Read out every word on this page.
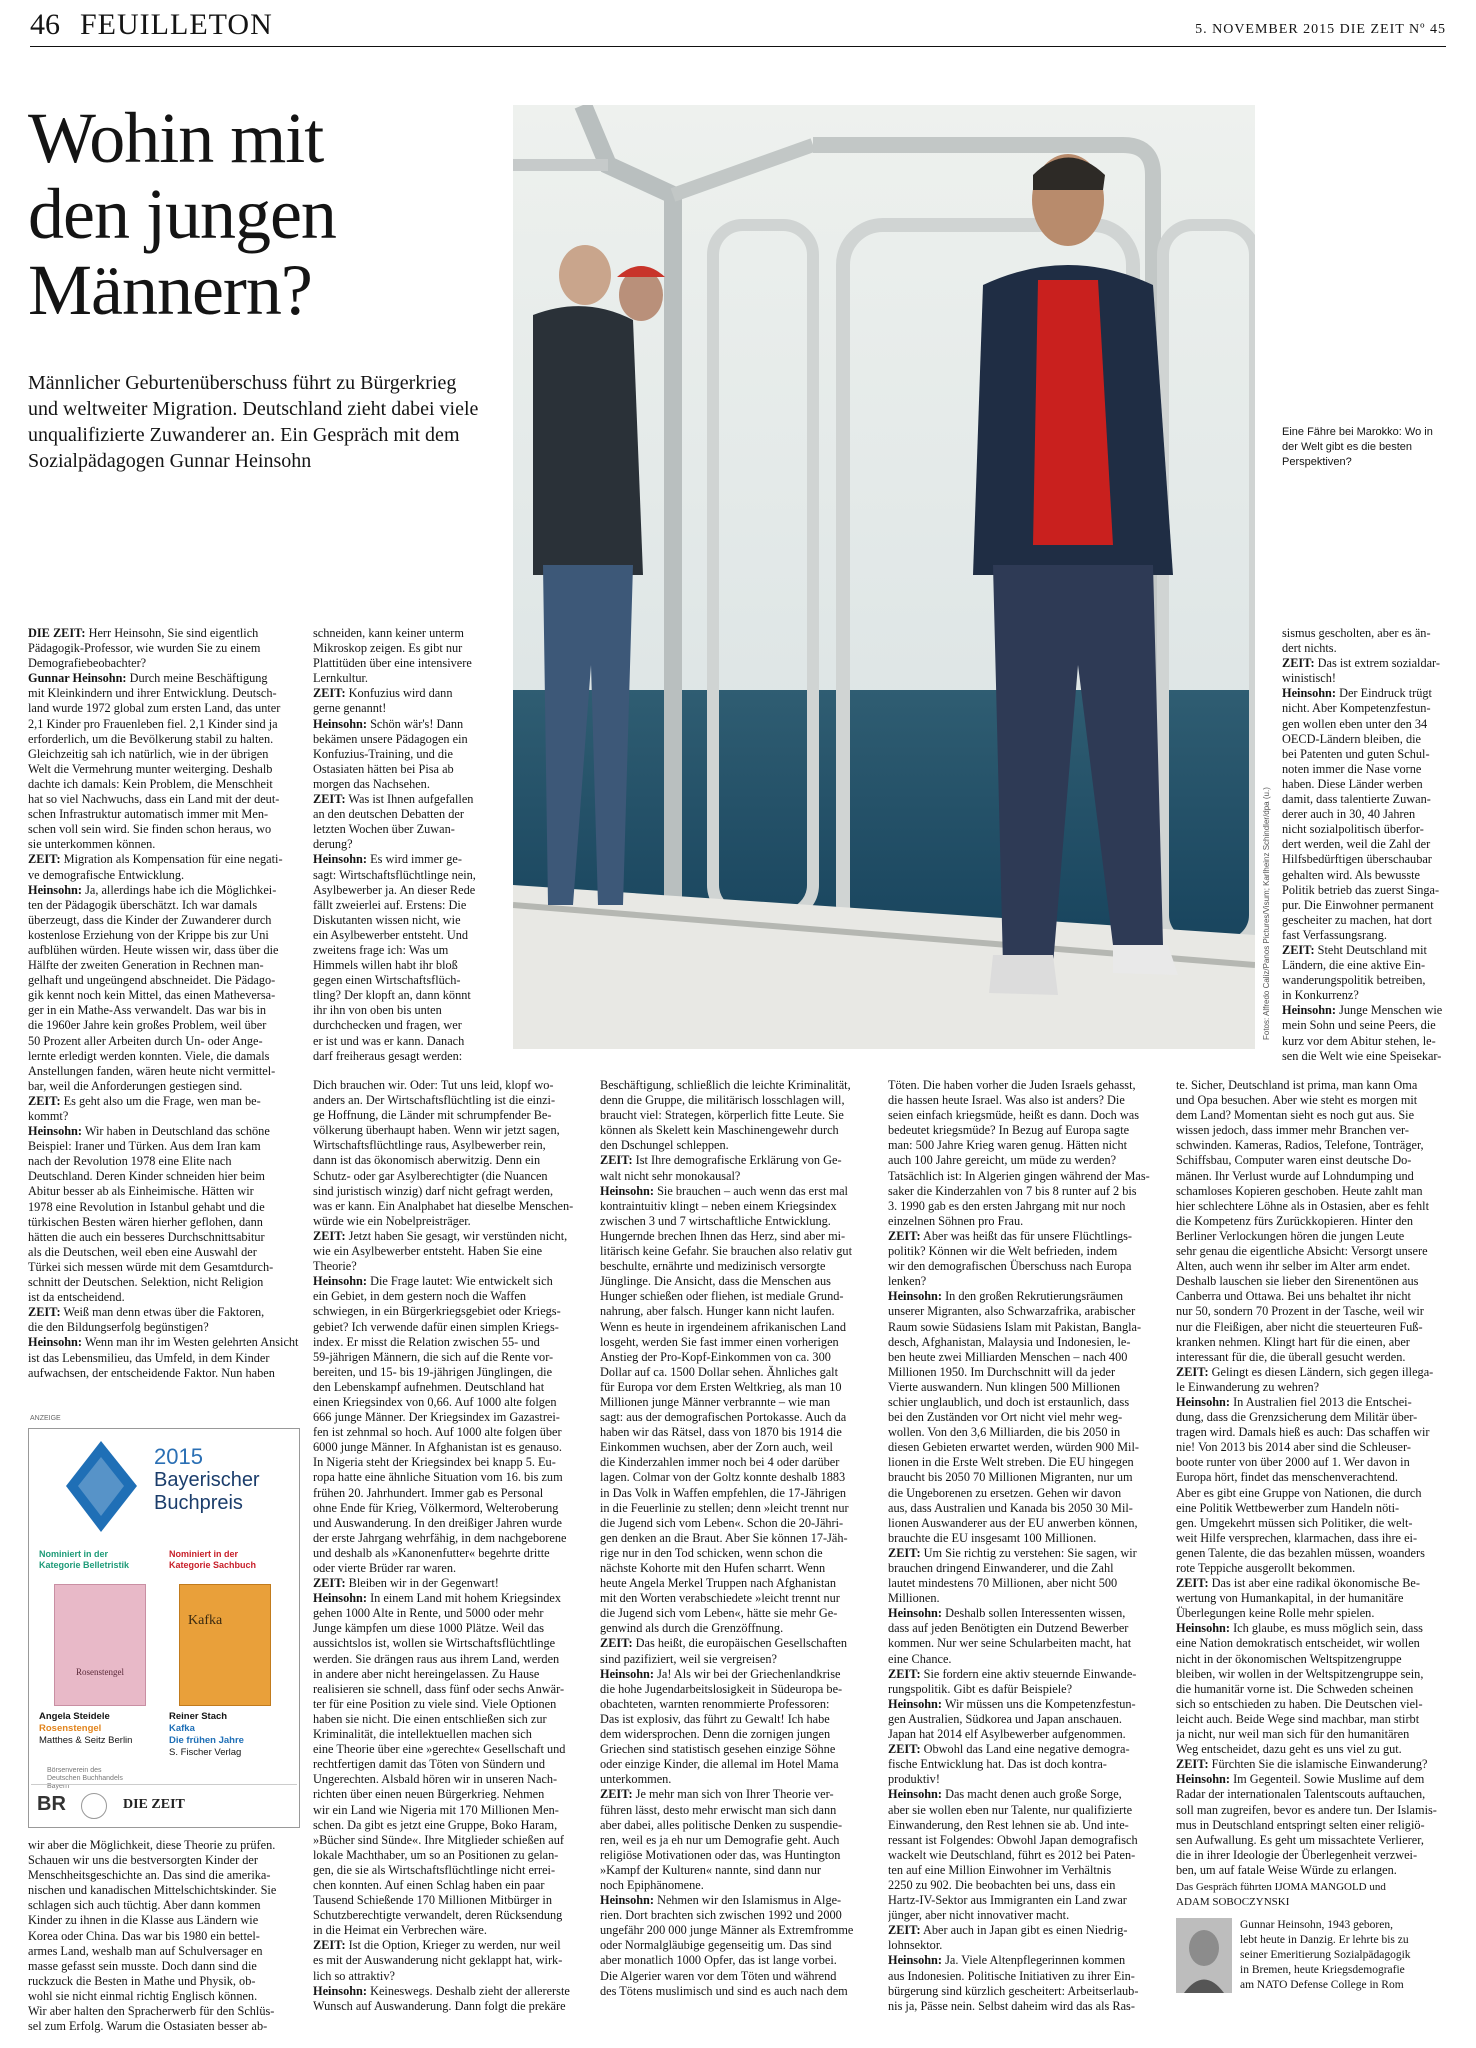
46 FEUILLETON	5. NOVEMBER 2015 DIE ZEIT Nº 45
Wohin mit
den jungen
Männern?
Männlicher Geburtenüberschuss führt zu Bürgerkrieg
und weltweiter Migration. Deutschland zieht dabei viele
unqualifizierte Zuwanderer an. Ein Gespräch mit dem
Sozialpädagogen Gunnar Heinsohn
Eine Fähre bei Marokko: Wo in
der Welt gibt es die besten
Perspektiven?
Fotos: Alfredo Caliz/Panos Pictures/Visum; Karlheinz Schindler/dpa (u.)
DIE ZEIT: Herr Heinsohn, Sie sind eigentlich
Pädagogik-Professor, wie wurden Sie zu einem
Demografiebeobachter?
Gunnar Heinsohn: Durch meine Beschäftigung
mit Kleinkindern und ihrer Entwicklung. Deutsch-
land wurde 1972 global zum ersten Land, das unter
2,1 Kinder pro Frauenleben fiel. 2,1 Kinder sind ja
erforderlich, um die Bevölkerung stabil zu halten.
Gleichzeitig sah ich natürlich, wie in der übrigen
Welt die Vermehrung munter weiterging. Deshalb
dachte ich damals: Kein Problem, die Menschheit
hat so viel Nachwuchs, dass ein Land mit der deut-
schen Infrastruktur automatisch immer mit Men-
schen voll sein wird. Sie finden schon heraus, wo
sie unterkommen können.
ZEIT: Migration als Kompensation für eine negati-
ve demografische Entwicklung.
Heinsohn: Ja, allerdings habe ich die Möglichkei-
ten der Pädagogik überschätzt. Ich war damals
überzeugt, dass die Kinder der Zuwanderer durch
kostenlose Erziehung von der Krippe bis zur Uni
aufblühen würden. Heute wissen wir, dass über die
Hälfte der zweiten Generation in Rechnen man-
gelhaft und ungeüngend abschneidet. Die Pädago-
gik kennt noch kein Mittel, das einen Matheversa-
ger in ein Mathe-Ass verwandelt. Das war bis in
die 1960er Jahre kein großes Problem, weil über
50 Prozent aller Arbeiten durch Un- oder Ange-
lernte erledigt werden konnten. Viele, die damals
Anstellungen fanden, wären heute nicht vermittel-
bar, weil die Anforderungen gestiegen sind.
ZEIT: Es geht also um die Frage, wen man be-
kommt?
Heinsohn: Wir haben in Deutschland das schöne
Beispiel: Iraner und Türken. Aus dem Iran kam
nach der Revolution 1978 eine Elite nach
Deutschland. Deren Kinder schneiden hier beim
Abitur besser ab als Einheimische. Hätten wir
1978 eine Revolution in Istanbul gehabt und die
türkischen Besten wären hierher geflohen, dann
hätten die auch ein besseres Durchschnittsabitur
als die Deutschen, weil eben eine Auswahl der
Türkei sich messen würde mit dem Gesamtdurch-
schnitt der Deutschen. Selektion, nicht Religion
ist da entscheidend.
ZEIT: Weiß man denn etwas über die Faktoren,
die den Bildungserfolg begünstigen?
Heinsohn: Wenn man ihr im Westen gelehrten Ansicht
ist das Lebensmilieu, das Umfeld, in dem Kinder
aufwachsen, der entscheidende Faktor. Nun haben
schneiden, kann keiner unterm
Mikroskop zeigen. Es gibt nur
Plattitüden über eine intensivere
Lernkultur.
ZEIT: Konfuzius wird dann
gerne genannt!
Heinsohn: Schön wär's! Dann
bekämen unsere Pädagogen ein
Konfuzius-Training, und die
Ostasiaten hätten bei Pisa ab
morgen das Nachsehen.
ZEIT: Was ist Ihnen aufgefallen
an den deutschen Debatten der
letzten Wochen über Zuwan-
derung?
Heinsohn: Es wird immer ge-
sagt: Wirtschaftsflüchtlinge nein,
Asylbewerber ja. An dieser Rede
fällt zweierlei auf. Erstens: Die
Diskutanten wissen nicht, wie
ein Asylbewerber entsteht. Und
zweitens frage ich: Was um
Himmels willen habt ihr bloß
gegen einen Wirtschaftsflüch-
tling? Der klopft an, dann könnt
ihr ihn von oben bis unten
durchchecken und fragen, wer
er ist und was er kann. Danach
darf freiheraus gesagt werden:
Dich brauchen wir. Oder: Tut uns leid, klopf wo-
anders an. Der Wirtschaftsflüchtling ist die einzi-
ge Hoffnung, die Länder mit schrumpfender Be-
völkerung überhaupt haben. Wenn wir jetzt sagen,
Wirtschaftsflüchtlinge raus, Asylbewerber rein,
dann ist das ökonomisch aberwitzig. Denn ein
Schutz- oder gar Asylberechtigter (die Nuancen
sind juristisch winzig) darf nicht gefragt werden,
was er kann. Ein Analphabet hat dieselbe Menschen-
würde wie ein Nobelpreisträger.
ZEIT: Jetzt haben Sie gesagt, wir verstünden nicht,
wie ein Asylbewerber entsteht. Haben Sie eine
Theorie?
Heinsohn: Die Frage lautet: Wie entwickelt sich
ein Gebiet, in dem gestern noch die Waffen
schwiegen, in ein Bürgerkriegsgebiet oder Kriegs-
gebiet? Ich verwende dafür einen simplen Kriegs-
index. Er misst die Relation zwischen 55- und
59-jährigen Männern, die sich auf die Rente vor-
bereiten, und 15- bis 19-jährigen Jünglingen, die
den Lebenskampf aufnehmen. Deutschland hat
einen Kriegsindex von 0,66. Auf 1000 alte folgen
666 junge Männer. Der Kriegsindex im Gazastrei-
fen ist zehnmal so hoch. Auf 1000 alte folgen über
6000 junge Männer. In Afghanistan ist es genauso.
In Nigeria steht der Kriegsindex bei knapp 5. Eu-
ropa hatte eine ähnliche Situation vom 16. bis zum
frühen 20. Jahrhundert. Immer gab es Personal
ohne Ende für Krieg, Völkermord, Welteroberung
und Auswanderung. In den dreißiger Jahren wurde
der erste Jahrgang wehrfähig, in dem nachgeborene
und deshalb als »Kanonenfutter« begehrte dritte
oder vierte Brüder rar waren.
ZEIT: Bleiben wir in der Gegenwart!
Heinsohn: In einem Land mit hohem Kriegsindex
gehen 1000 Alte in Rente, und 5000 oder mehr
Junge kämpfen um diese 1000 Plätze. Weil das
aussichtslos ist, wollen sie Wirtschaftsflüchtlinge
werden. Sie drängen raus aus ihrem Land, werden
in andere aber nicht hereingelassen. Zu Hause
realisieren sie schnell, dass fünf oder sechs Anwär-
ter für eine Position zu viele sind. Viele Optionen
haben sie nicht. Die einen entschließen sich zur
Kriminalität, die intellektuellen machen sich
eine Theorie über eine »gerechte« Gesellschaft und
rechtfertigen damit das Töten von Sündern und
Ungerechten. Alsbald hören wir in unseren Nach-
richten über einen neuen Bürgerkrieg. Nehmen
wir ein Land wie Nigeria mit 170 Millionen Men-
schen. Da gibt es jetzt eine Gruppe, Boko Haram,
»Bücher sind Sünde«. Ihre Mitglieder schießen auf
lokale Machthaber, um so an Positionen zu gelan-
gen, die sie als Wirtschaftsflüchtlinge nicht errei-
chen konnten. Auf einen Schlag haben ein paar
Tausend Schießende 170 Millionen Mitbürger in
Schutzberechtigte verwandelt, deren Rücksendung
in die Heimat ein Verbrechen wäre.
ZEIT: Ist die Option, Krieger zu werden, nur weil
es mit der Auswanderung nicht geklappt hat, wirk-
lich so attraktiv?
Heinsohn: Keineswegs. Deshalb zieht der allererste
Wunsch auf Auswanderung. Dann folgt die prekäre
Beschäftigung, schließlich die leichte Kriminalität,
denn die Gruppe, die militärisch losschlagen will,
braucht viel: Strategen, körperlich fitte Leute. Sie
können als Skelett kein Maschinengewehr durch
den Dschungel schleppen.
ZEIT: Ist Ihre demografische Erklärung von Ge-
walt nicht sehr monokausal?
Heinsohn: Sie brauchen – auch wenn das erst mal
kontraintuitiv klingt – neben einem Kriegsindex
zwischen 3 und 7 wirtschaftliche Entwicklung.
Hungernde brechen Ihnen das Herz, sind aber mi-
litärisch keine Gefahr. Sie brauchen also relativ gut
beschulte, ernährte und medizinisch versorgte
Jünglinge. Die Ansicht, dass die Menschen aus
Hunger schießen oder fliehen, ist mediale Grund-
nahrung, aber falsch. Hunger kann nicht laufen.
Wenn es heute in irgendeinem afrikanischen Land
losgeht, werden Sie fast immer einen vorherigen
Anstieg der Pro-Kopf-Einkommen von ca. 300
Dollar auf ca. 1500 Dollar sehen. Ähnliches galt
für Europa vor dem Ersten Weltkrieg, als man 10
Millionen junge Männer verbrannte – wie man
sagt: aus der demografischen Portokasse. Auch da
haben wir das Rätsel, dass von 1870 bis 1914 die
Einkommen wuchsen, aber der Zorn auch, weil
die Kinderzahlen immer noch bei 4 oder darüber
lagen. Colmar von der Goltz konnte deshalb 1883
in Das Volk in Waffen empfehlen, die 17-Jährigen
in die Feuerlinie zu stellen; denn »leicht trennt nur
die Jugend sich vom Leben«. Schon die 20-Jähri-
gen denken an die Braut. Aber Sie können 17-Jäh-
rige nur in den Tod schicken, wenn schon die
nächste Kohorte mit den Hufen scharrt. Wenn
heute Angela Merkel Truppen nach Afghanistan
mit den Worten verabschiedete »leicht trennt nur
die Jugend sich vom Leben«, hätte sie mehr Ge-
genwind als durch die Grenzöffnung.
ZEIT: Das heißt, die europäischen Gesellschaften
sind pazifiziert, weil sie vergreisen?
Heinsohn: Ja! Als wir bei der Griechenlandkrise
die hohe Jugendarbeitslosigkeit in Südeuropa be-
obachteten, warnten renommierte Professoren:
Das ist explosiv, das führt zu Gewalt! Ich habe
dem widersprochen. Denn die zornigen jungen
Griechen sind statistisch gesehen einzige Söhne
oder einzige Kinder, die allemal im Hotel Mama
unterkommen.
ZEIT: Je mehr man sich von Ihrer Theorie ver-
führen lässt, desto mehr erwischt man sich dann
aber dabei, alles politische Denken zu suspendie-
ren, weil es ja eh nur um Demografie geht. Auch
religiöse Motivationen oder das, was Huntington
»Kampf der Kulturen« nannte, sind dann nur
noch Epiphänomene.
Heinsohn: Nehmen wir den Islamismus in Alge-
rien. Dort brachten sich zwischen 1992 und 2000
ungefähr 200 000 junge Männer als Extremfromme
oder Normalgläubige gegenseitig um. Das sind
aber monatlich 1000 Opfer, das ist lange vorbei.
Die Algerier waren vor dem Töten und während
des Tötens muslimisch und sind es auch nach dem
Töten. Die haben vorher die Juden Israels gehasst,
die hassen heute Israel. Was also ist anders? Die
seien einfach kriegsmüde, heißt es dann. Doch was
bedeutet kriegsmüde? In Bezug auf Europa sagte
man: 500 Jahre Krieg waren genug. Hätten nicht
auch 100 Jahre gereicht, um müde zu werden?
Tatsächlich ist: In Algerien gingen während der Mas-
saker die Kinderzahlen von 7 bis 8 runter auf 2 bis
3. 1990 gab es den ersten Jahrgang mit nur noch
einzelnen Söhnen pro Frau.
ZEIT: Aber was heißt das für unsere Flüchtlings-
politik? Können wir die Welt befrieden, indem
wir den demografischen Überschuss nach Europa
lenken?
Heinsohn: In den großen Rekrutierungsräumen
unserer Migranten, also Schwarzafrika, arabischer
Raum sowie Südasiens Islam mit Pakistan, Bangla-
desch, Afghanistan, Malaysia und Indonesien, le-
ben heute zwei Milliarden Menschen – nach 400
Millionen 1950. Im Durchschnitt will da jeder
Vierte auswandern. Nun klingen 500 Millionen
schier unglaublich, und doch ist erstaunlich, dass
bei den Zuständen vor Ort nicht viel mehr weg-
wollen. Von den 3,6 Milliarden, die bis 2050 in
diesen Gebieten erwartet werden, würden 900 Mil-
lionen in die Erste Welt streben. Die EU hingegen
braucht bis 2050 70 Millionen Migranten, nur um
die Ungeborenen zu ersetzen. Gehen wir davon
aus, dass Australien und Kanada bis 2050 30 Mil-
lionen Auswanderer aus der EU anwerben können,
brauchte die EU insgesamt 100 Millionen.
ZEIT: Um Sie richtig zu verstehen: Sie sagen, wir
brauchen dringend Einwanderer, und die Zahl
lautet mindestens 70 Millionen, aber nicht 500
Millionen.
Heinsohn: Deshalb sollen Interessenten wissen,
dass auf jeden Benötigten ein Dutzend Bewerber
kommen. Nur wer seine Schularbeiten macht, hat
eine Chance.
ZEIT: Sie fordern eine aktiv steuernde Einwande-
rungspolitik. Gibt es dafür Beispiele?
Heinsohn: Wir müssen uns die Kompetenzfestun-
gen Australien, Südkorea und Japan anschauen.
Japan hat 2014 elf Asylbewerber aufgenommen.
ZEIT: Obwohl das Land eine negative demogra-
fische Entwicklung hat. Das ist doch kontra-
produktiv!
Heinsohn: Das macht denen auch große Sorge,
aber sie wollen eben nur Talente, nur qualifizierte
Einwanderung, den Rest lehnen sie ab. Und inte-
ressant ist Folgendes: Obwohl Japan demografisch
wackelt wie Deutschland, führt es 2012 bei Paten-
ten auf eine Million Einwohner im Verhältnis
2250 zu 902. Die beobachten bei uns, dass ein
Hartz-IV-Sektor aus Immigranten ein Land zwar
jünger, aber nicht innovativer macht.
ZEIT: Aber auch in Japan gibt es einen Niedrig-
lohnsektor.
Heinsohn: Ja. Viele Altenpflegerinnen kommen
aus Indonesien. Politische Initiativen zu ihrer Ein-
bürgerung sind kürzlich gescheitert: Arbeitserlaub-
nis ja, Pässe nein. Selbst daheim wird das als Ras-
sismus gescholten, aber es än-
dert nichts.
ZEIT: Das ist extrem sozialdar-
winistisch!
Heinsohn: Der Eindruck trügt
nicht. Aber Kompetenzfestun-
gen wollen eben unter den 34
OECD-Ländern bleiben, die
bei Patenten und guten Schul-
noten immer die Nase vorne
haben. Diese Länder werben
damit, dass talentierte Zuwan-
derer auch in 30, 40 Jahren
nicht sozialpolitisch überfor-
dert werden, weil die Zahl der
Hilfsbedürftigen überschaubar
gehalten wird. Als bewusste
Politik betrieb das zuerst Singa-
pur. Die Einwohner permanent
gescheiter zu machen, hat dort
fast Verfassungsrang.
ZEIT: Steht Deutschland mit
Ländern, die eine aktive Ein-
wanderungspolitik betreiben,
in Konkurrenz?
Heinsohn: Junge Menschen wie
mein Sohn und seine Peers, die
kurz vor dem Abitur stehen, le-
sen die Welt wie eine Speisekar-
te. Sicher, Deutschland ist prima, man kann Oma
und Opa besuchen. Aber wie steht es morgen mit
dem Land? Momentan sieht es noch gut aus. Sie
wissen jedoch, dass immer mehr Branchen ver-
schwinden. Kameras, Radios, Telefone, Tonträger,
Schiffsbau, Computer waren einst deutsche Do-
mänen. Ihr Verlust wurde auf Lohndumping und
schamloses Kopieren geschoben. Heute zahlt man
hier schlechtere Löhne als in Ostasien, aber es fehlt
die Kompetenz fürs Zurückkopieren. Hinter den
Berliner Verlockungen hören die jungen Leute
sehr genau die eigentliche Absicht: Versorgt unsere
Alten, auch wenn ihr selber im Alter arm endet.
Deshalb lauschen sie lieber den Sirenentönen aus
Canberra und Ottawa. Bei uns behaltet ihr nicht
nur 50, sondern 70 Prozent in der Tasche, weil wir
nur die Fleißigen, aber nicht die steuerteuren Fuß-
kranken nehmen. Klingt hart für die einen, aber
interessant für die, die überall gesucht werden.
ZEIT: Gelingt es diesen Ländern, sich gegen illega-
le Einwanderung zu wehren?
Heinsohn: In Australien fiel 2013 die Entschei-
dung, dass die Grenzsicherung dem Militär über-
tragen wird. Damals hieß es auch: Das schaffen wir
nie! Von 2013 bis 2014 aber sind die Schleuser-
boote runter von über 2000 auf 1. Wer davon in
Europa hört, findet das menschenverachtend.
Aber es gibt eine Gruppe von Nationen, die durch
eine Politik Wettbewerber zum Handeln nöti-
gen. Umgekehrt müssen sich Politiker, die welt-
weit Hilfe versprechen, klarmachen, dass ihre ei-
genen Talente, die das bezahlen müssen, woanders
rote Teppiche ausgerollt bekommen.
ZEIT: Das ist aber eine radikal ökonomische Be-
wertung von Humankapital, in der humanitäre
Überlegungen keine Rolle mehr spielen.
Heinsohn: Ich glaube, es muss möglich sein, dass
eine Nation demokratisch entscheidet, wir wollen
nicht in der ökonomischen Weltspitzengruppe
bleiben, wir wollen in der Weltspitzengruppe sein,
die humanitär vorne ist. Die Schweden scheinen
sich so entschieden zu haben. Die Deutschen viel-
leicht auch. Beide Wege sind machbar, man stirbt
ja nicht, nur weil man sich für den humanitären
Weg entscheidet, dazu geht es uns viel zu gut.
ZEIT: Fürchten Sie die islamische Einwanderung?
Heinsohn: Im Gegenteil. Sowie Muslime auf dem
Radar der internationalen Talentscouts auftauchen,
soll man zugreifen, bevor es andere tun. Der Islamis-
mus in Deutschland entspringt selten einer religiö-
sen Aufwallung. Es geht um missachtete Verlierer,
die in ihrer Ideologie der Überlegenheit verzwei-
ben, um auf fatale Weise Würde zu erlangen.
wir aber die Möglichkeit, diese Theorie zu prüfen.
Schauen wir uns die bestversorgten Kinder der
Menschheitsgeschichte an. Das sind die amerika-
nischen und kanadischen Mittelschichtskinder. Sie
schlagen sich auch tüchtig. Aber dann kommen
Kinder zu ihnen in die Klasse aus Ländern wie
Korea oder China. Das war bis 1980 ein bettel-
armes Land, weshalb man auf Schulversager en
masse gefasst sein musste. Doch dann sind die
ruckzuck die Besten in Mathe und Physik, ob-
wohl sie nicht einmal richtig Englisch können.
Wir aber halten den Spracherwerb für den Schlüs-
sel zum Erfolg. Warum die Ostasiaten besser ab-
ANZEIGE
2015
Bayerischer
Buchpreis
Nominiert in der
Kategorie Belletristik
Nominiert in der
Kategorie Sachbuch
Rosenstengel
Kafka
Angela Steidele
Rosenstengel
Matthes & Seitz Berlin
Reiner Stach
Kafka
Die frühen Jahre
S. Fischer Verlag
Börsenverein des
Deutschen Buchhandels
Bayern
BR	DIE ZEIT
Das Gespräch führten IJOMA MANGOLD und
ADAM SOBOCZYNSKI
Gunnar Heinsohn, 1943 geboren,
lebt heute in Danzig. Er lehrte bis zu
seiner Emeritierung Sozialpädagogik
in Bremen, heute Kriegsdemografie
am NATO Defense College in Rom
